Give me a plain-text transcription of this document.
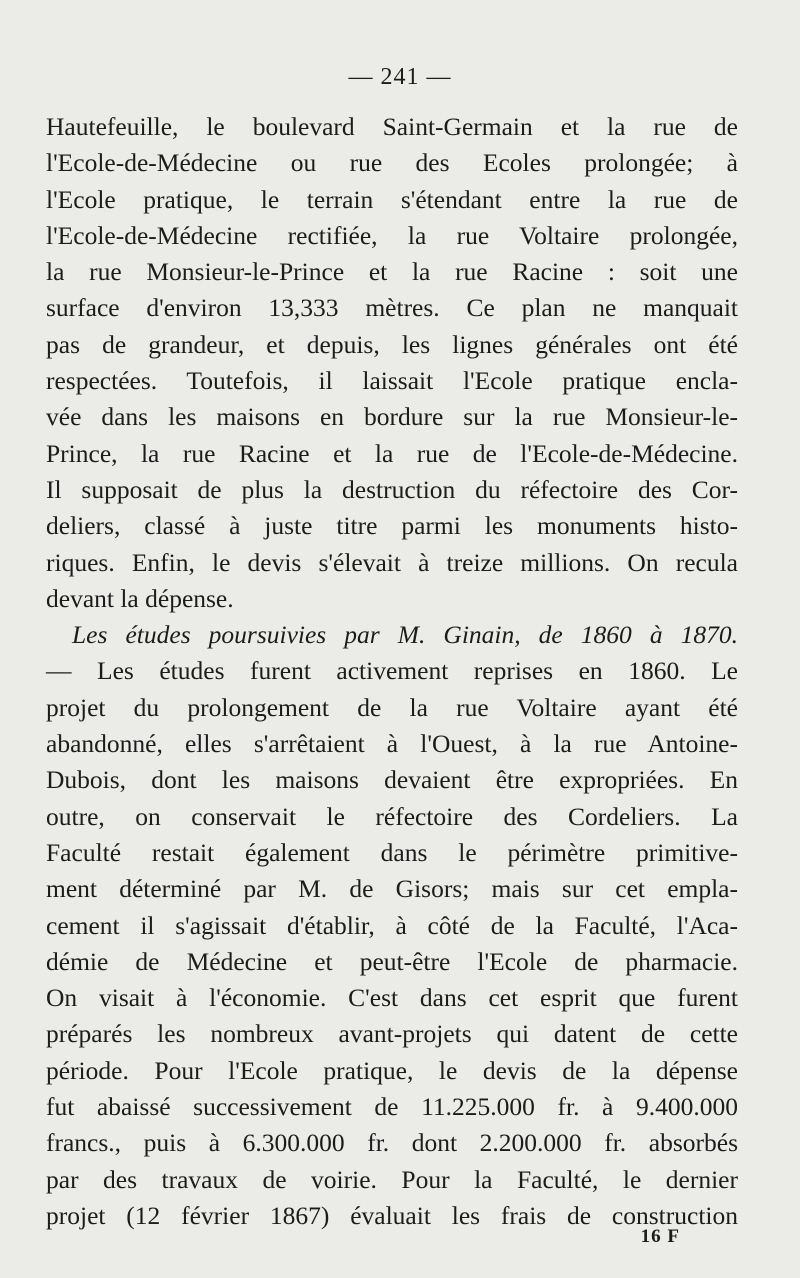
— 241 —
Hautefeuille, le boulevard Saint-Germain et la rue de
l'Ecole-de-Médecine ou rue des Ecoles prolongée; à
l'Ecole pratique, le terrain s'étendant entre la rue de
l'Ecole-de-Médecine rectifiée, la rue Voltaire prolongée,
la rue Monsieur-le-Prince et la rue Racine : soit une
surface d'environ 13,333 mètres. Ce plan ne manquait
pas de grandeur, et depuis, les lignes générales ont été
respectées. Toutefois, il laissait l'Ecole pratique encla-
vée dans les maisons en bordure sur la rue Monsieur-le-
Prince, la rue Racine et la rue de l'Ecole-de-Médecine.
Il supposait de plus la destruction du réfectoire des Cor-
deliers, classé à juste titre parmi les monuments histo-
riques. Enfin, le devis s'élevait à treize millions. On recula
devant la dépense.
Les études poursuivies par M. Ginain, de 1860 à 1870.
— Les études furent activement reprises en 1860. Le
projet du prolongement de la rue Voltaire ayant été
abandonné, elles s'arrêtaient à l'Ouest, à la rue Antoine-
Dubois, dont les maisons devaient être expropriées. En
outre, on conservait le réfectoire des Cordeliers. La
Faculté restait également dans le périmètre primitive-
ment déterminé par M. de Gisors; mais sur cet empla-
cement il s'agissait d'établir, à côté de la Faculté, l'Aca-
démie de Médecine et peut-être l'Ecole de pharmacie.
On visait à l'économie. C'est dans cet esprit que furent
préparés les nombreux avant-projets qui datent de cette
période. Pour l'Ecole pratique, le devis de la dépense
fut abaissé successivement de 11.225.000 fr. à 9.400.000
francs., puis à 6.300.000 fr. dont 2.200.000 fr. absorbés
par des travaux de voirie. Pour la Faculté, le dernier
projet (12 février 1867) évaluait les frais de construction
16 F
